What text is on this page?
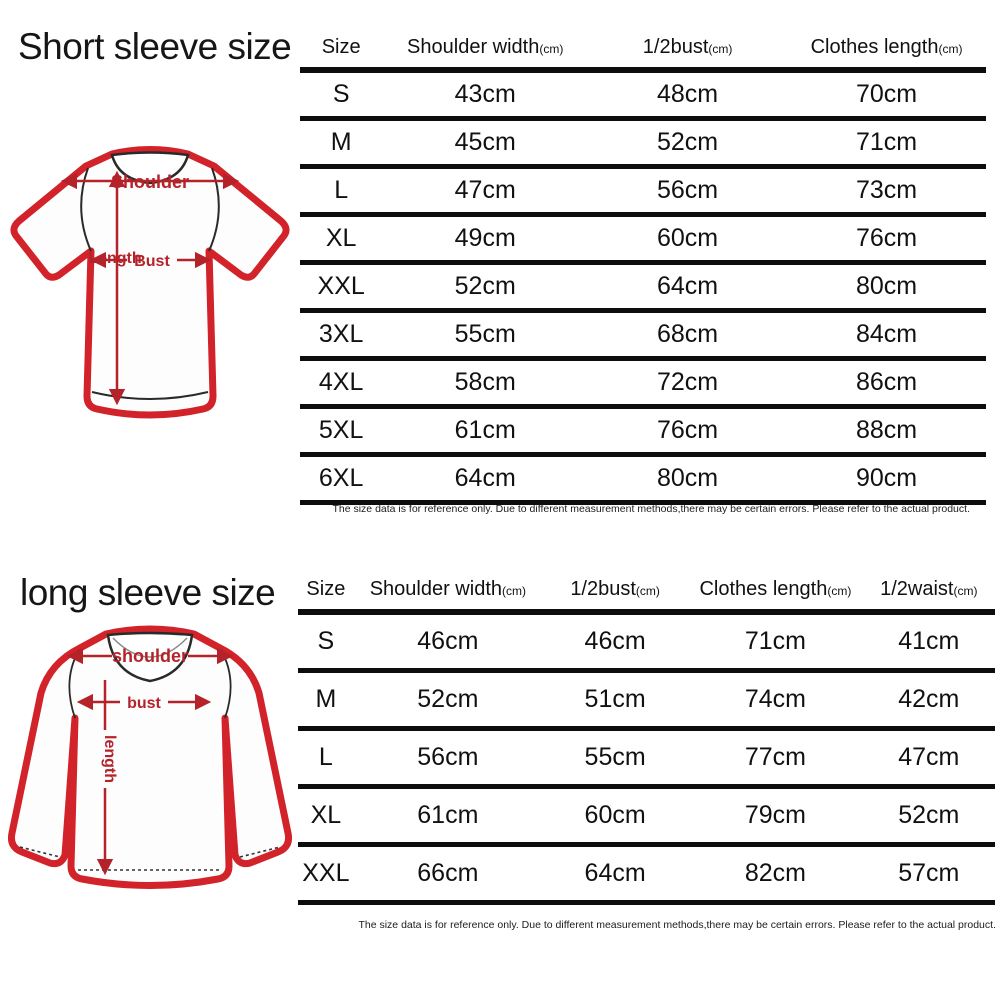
Short sleeve size
Shoulder
Bust
Length
Size	Shoulder width(cm)	1/2bust(cm)	Clothes length(cm)
S	43cm	48cm	70cm
M	45cm	52cm	71cm
L	47cm	56cm	73cm
XL	49cm	60cm	76cm
XXL	52cm	64cm	80cm
3XL	55cm	68cm	84cm
4XL	58cm	72cm	86cm
5XL	61cm	76cm	88cm
6XL	64cm	80cm	90cm
The size data is for reference only. Due to different measurement methods,there may be certain errors. Please refer to the actual product.
long sleeve size
shoulder
bust
length
Size	Shoulder width(cm)	1/2bust(cm)	Clothes length(cm)	1/2waist(cm)
S	46cm	46cm	71cm	41cm
M	52cm	51cm	74cm	42cm
L	56cm	55cm	77cm	47cm
XL	61cm	60cm	79cm	52cm
XXL	66cm	64cm	82cm	57cm
The size data is for reference only. Due to different measurement methods,there may be certain errors. Please refer to the actual product.
